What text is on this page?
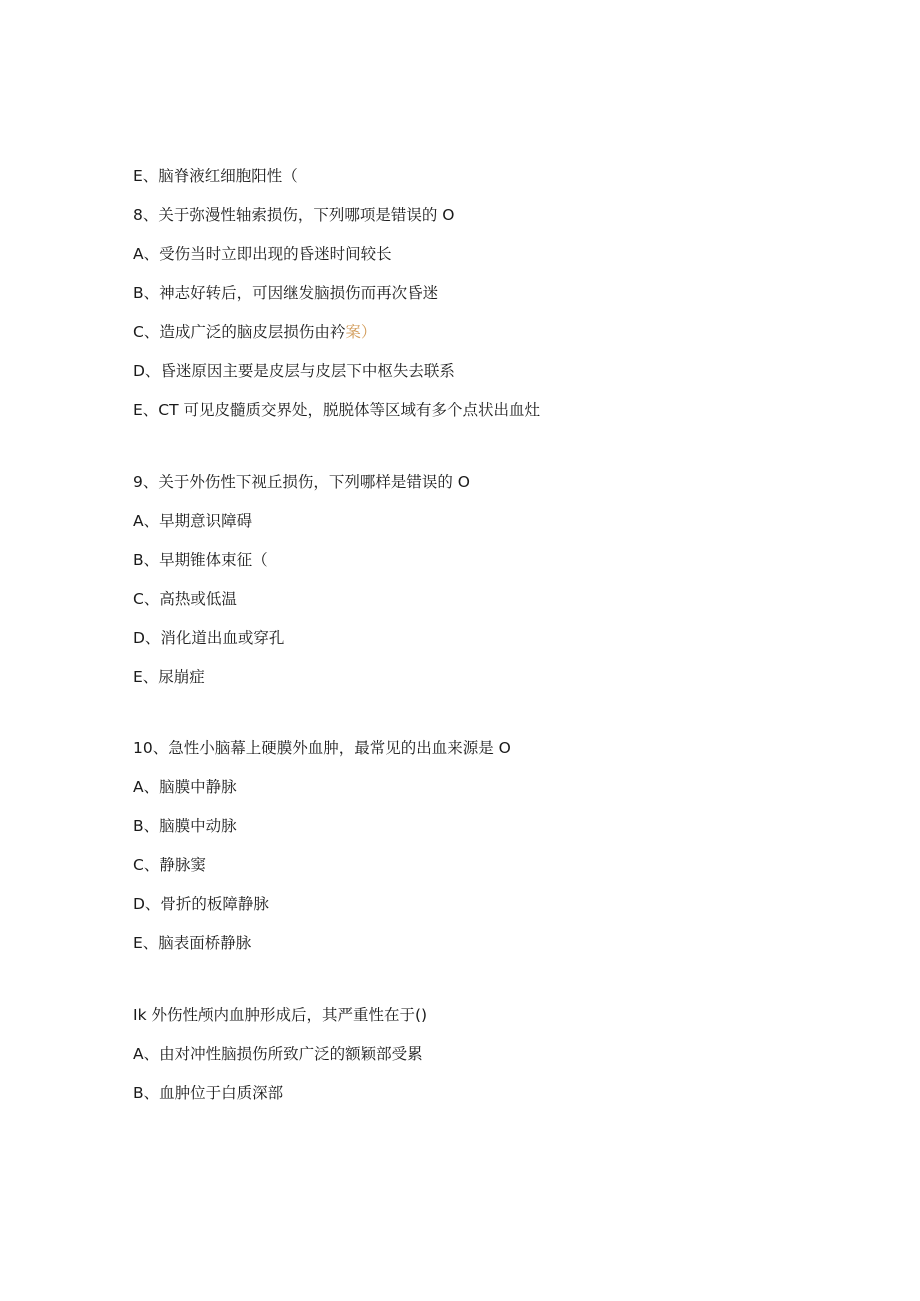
E、脑脊液红细胞阳性（
8、关于弥漫性轴索损伤，下列哪项是错误的 O
A、受伤当时立即出现的昏迷时间较长
B、神志好转后，可因继发脑损伤而再次昏迷
C、造成广泛的脑皮层损伤由衿案）
D、昏迷原因主要是皮层与皮层下中枢失去联系
E、CT 可见皮髓质交界处，脱脱体等区域有多个点状出血灶
9、关于外伤性下视丘损伤，下列哪样是错误的 O
A、早期意识障碍
B、早期锥体束征（
C、高热或低温
D、消化道出血或穿孔
E、尿崩症
10、急性小脑幕上硬膜外血肿，最常见的出血来源是 O
A、脑膜中静脉
B、脑膜中动脉
C、静脉窦
D、骨折的板障静脉
E、脑表面桥静脉
Ik 外伤性颅内血肿形成后，其严重性在于()
A、由对冲性脑损伤所致广泛的额颖部受累
B、血肿位于白质深部
